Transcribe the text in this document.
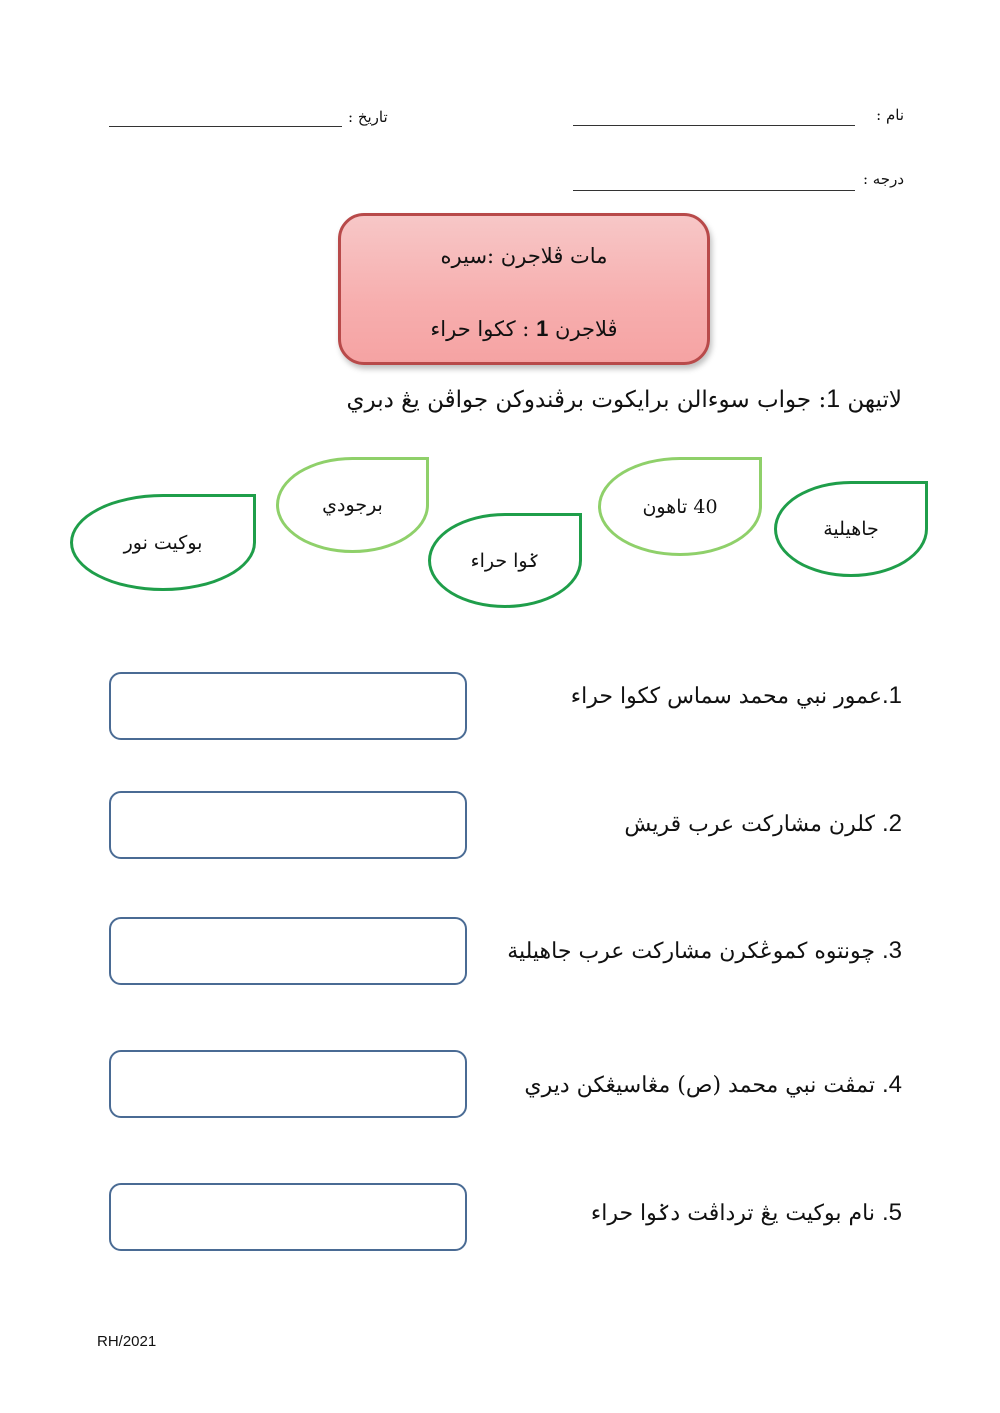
نام :
تاريخ :
درجه :
مات ڤلاجرن :سيره
ڤلاجرن 1 : ککوا حراء
لاتيهن 1: جواب سوءالن برايکوت برڤندوکن جواڤن يڠ دبري
جاهيلية
40 تاهون
ݢوا حراء
برجودي
بوکيت نور
1.عمور نبي محمد سماس ککوا حراء
2. کلرن مشارکت عرب قريش
3. چونتوه کموڠکرن مشارکت عرب جاهيلية
4. تمڤت نبي محمد (ص) مڠاسيڠکن ديري
5. نام بوکيت يڠ ترداڤت دݢوا حراء
RH/2021
